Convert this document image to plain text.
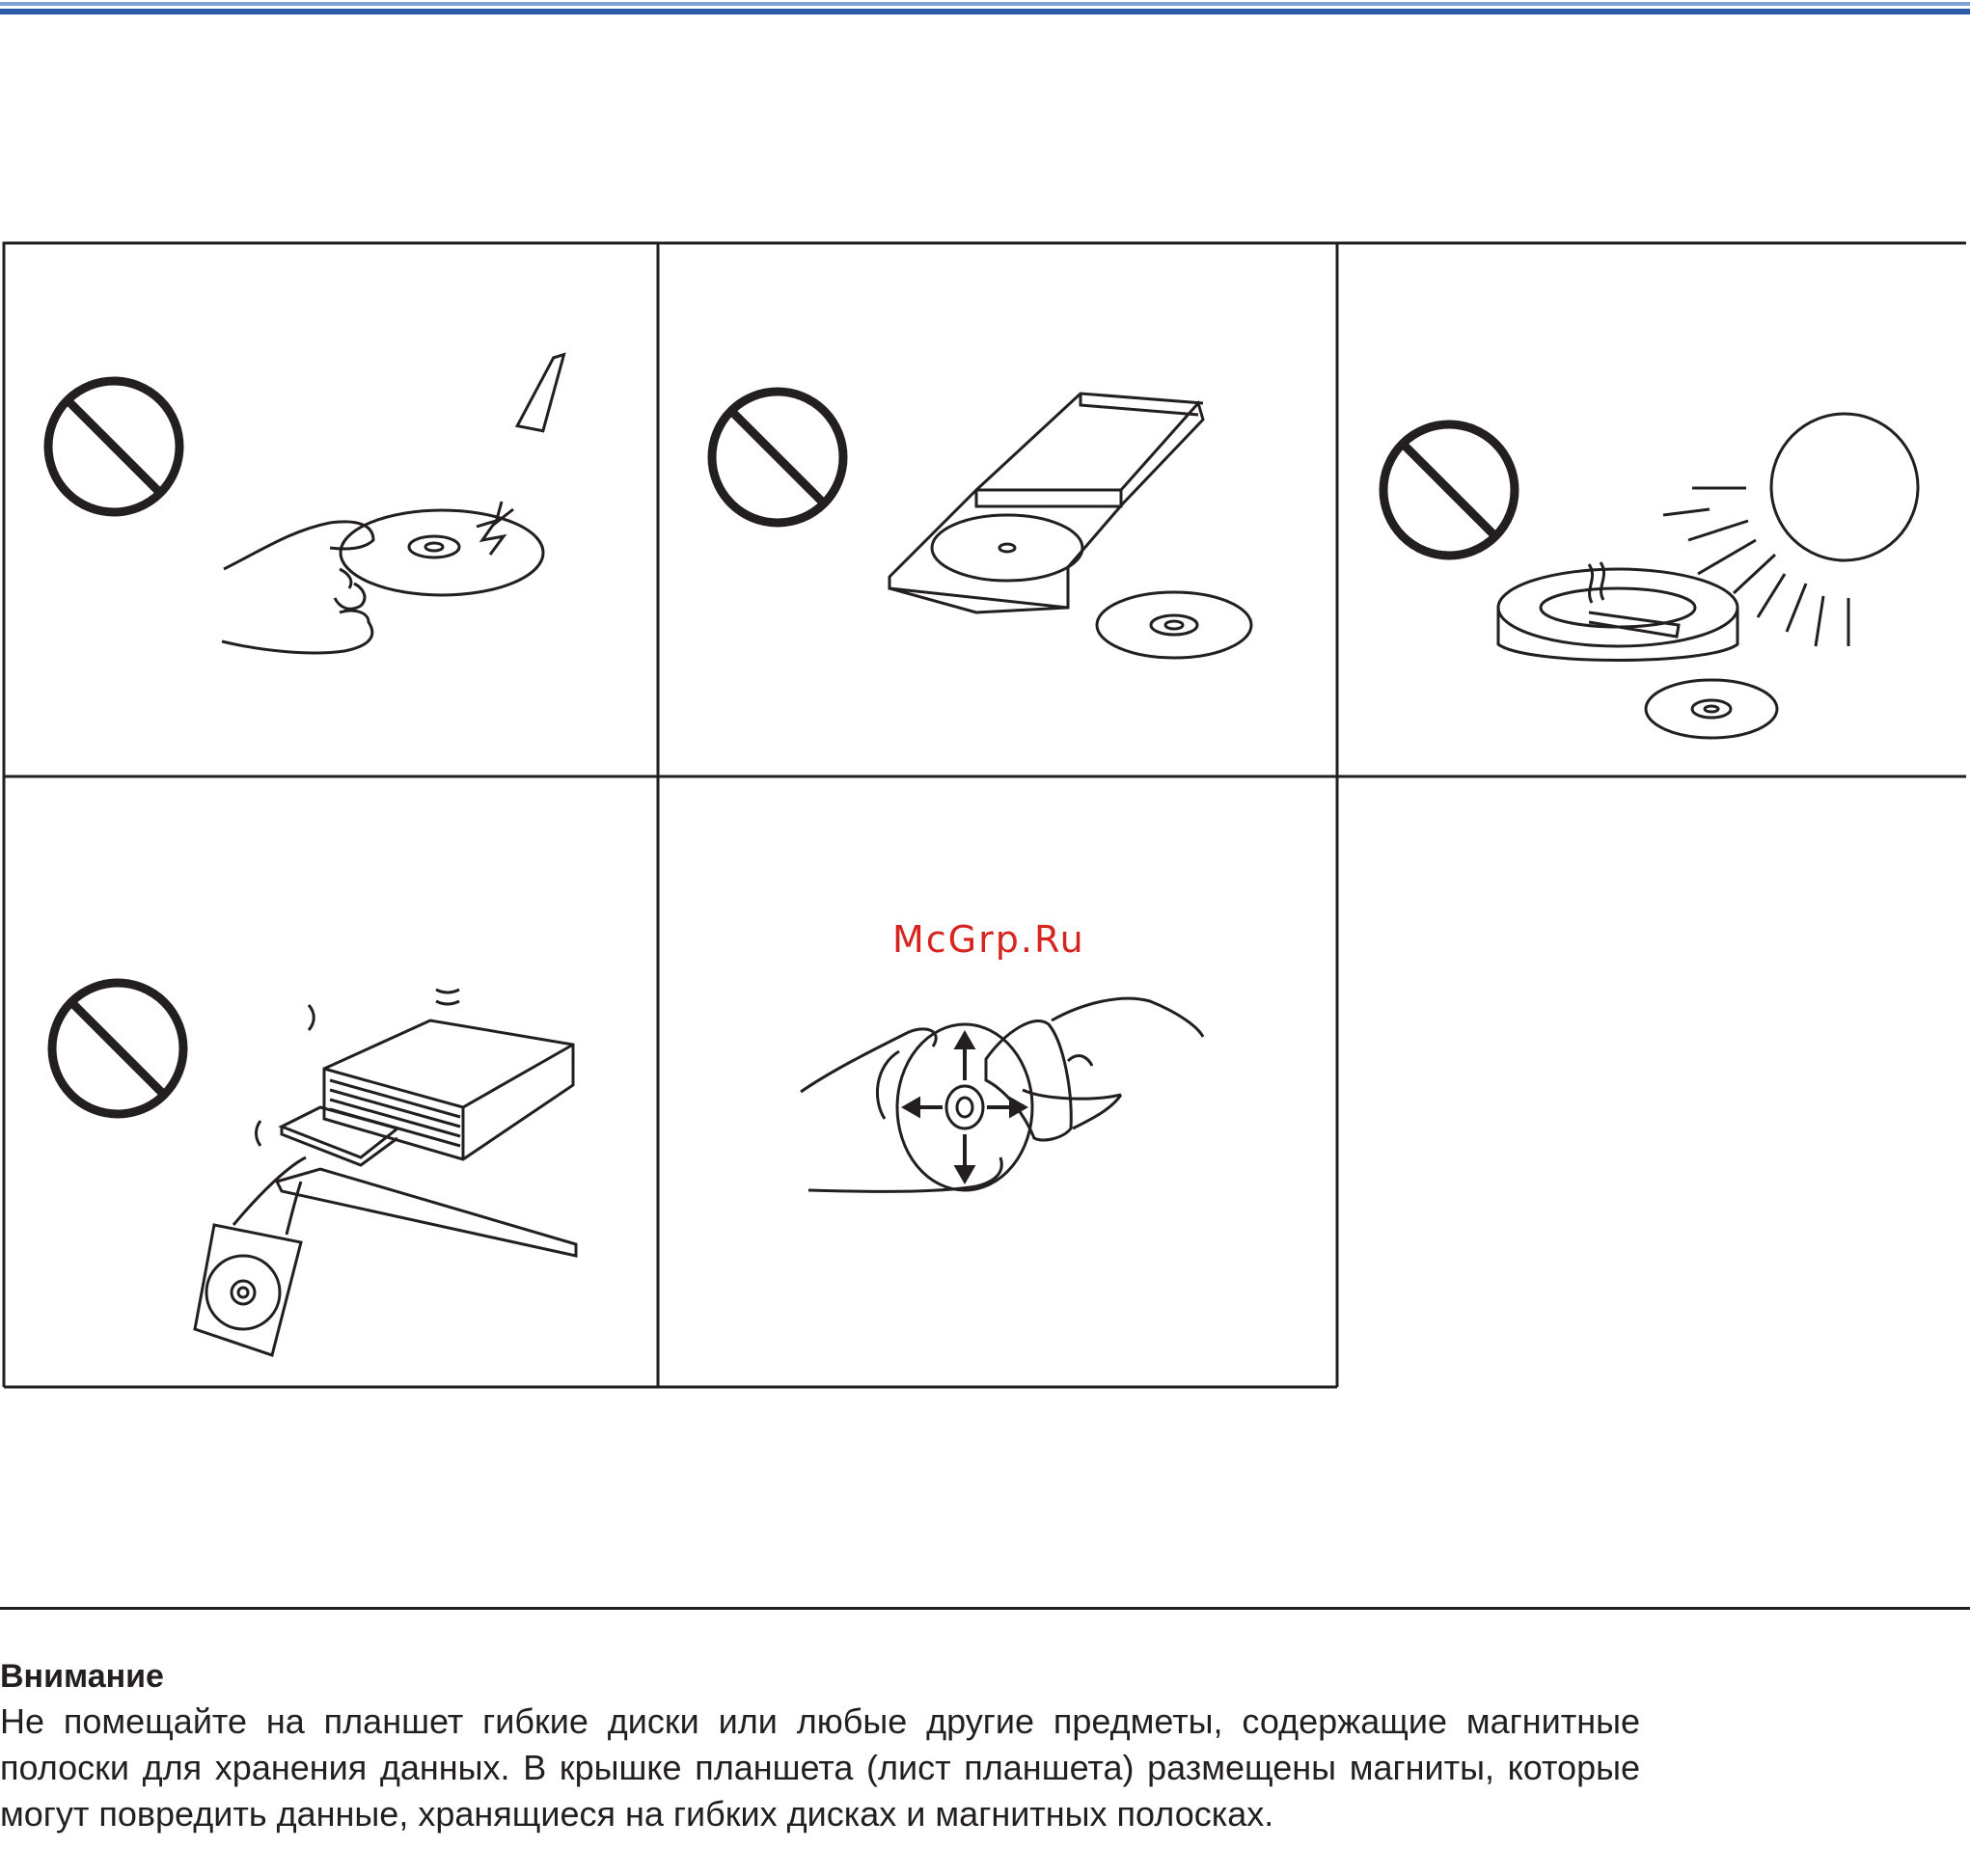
McGrp.Ru
Внимание
Не помещайте на планшет гибкие диски или любые другие предметы, содержащие магнитные полоски для хранения данных. В крышке планшета (лист планшета) размещены магниты, которые могут повредить данные, хранящиеся на гибких дисках и магнитных полосках.
